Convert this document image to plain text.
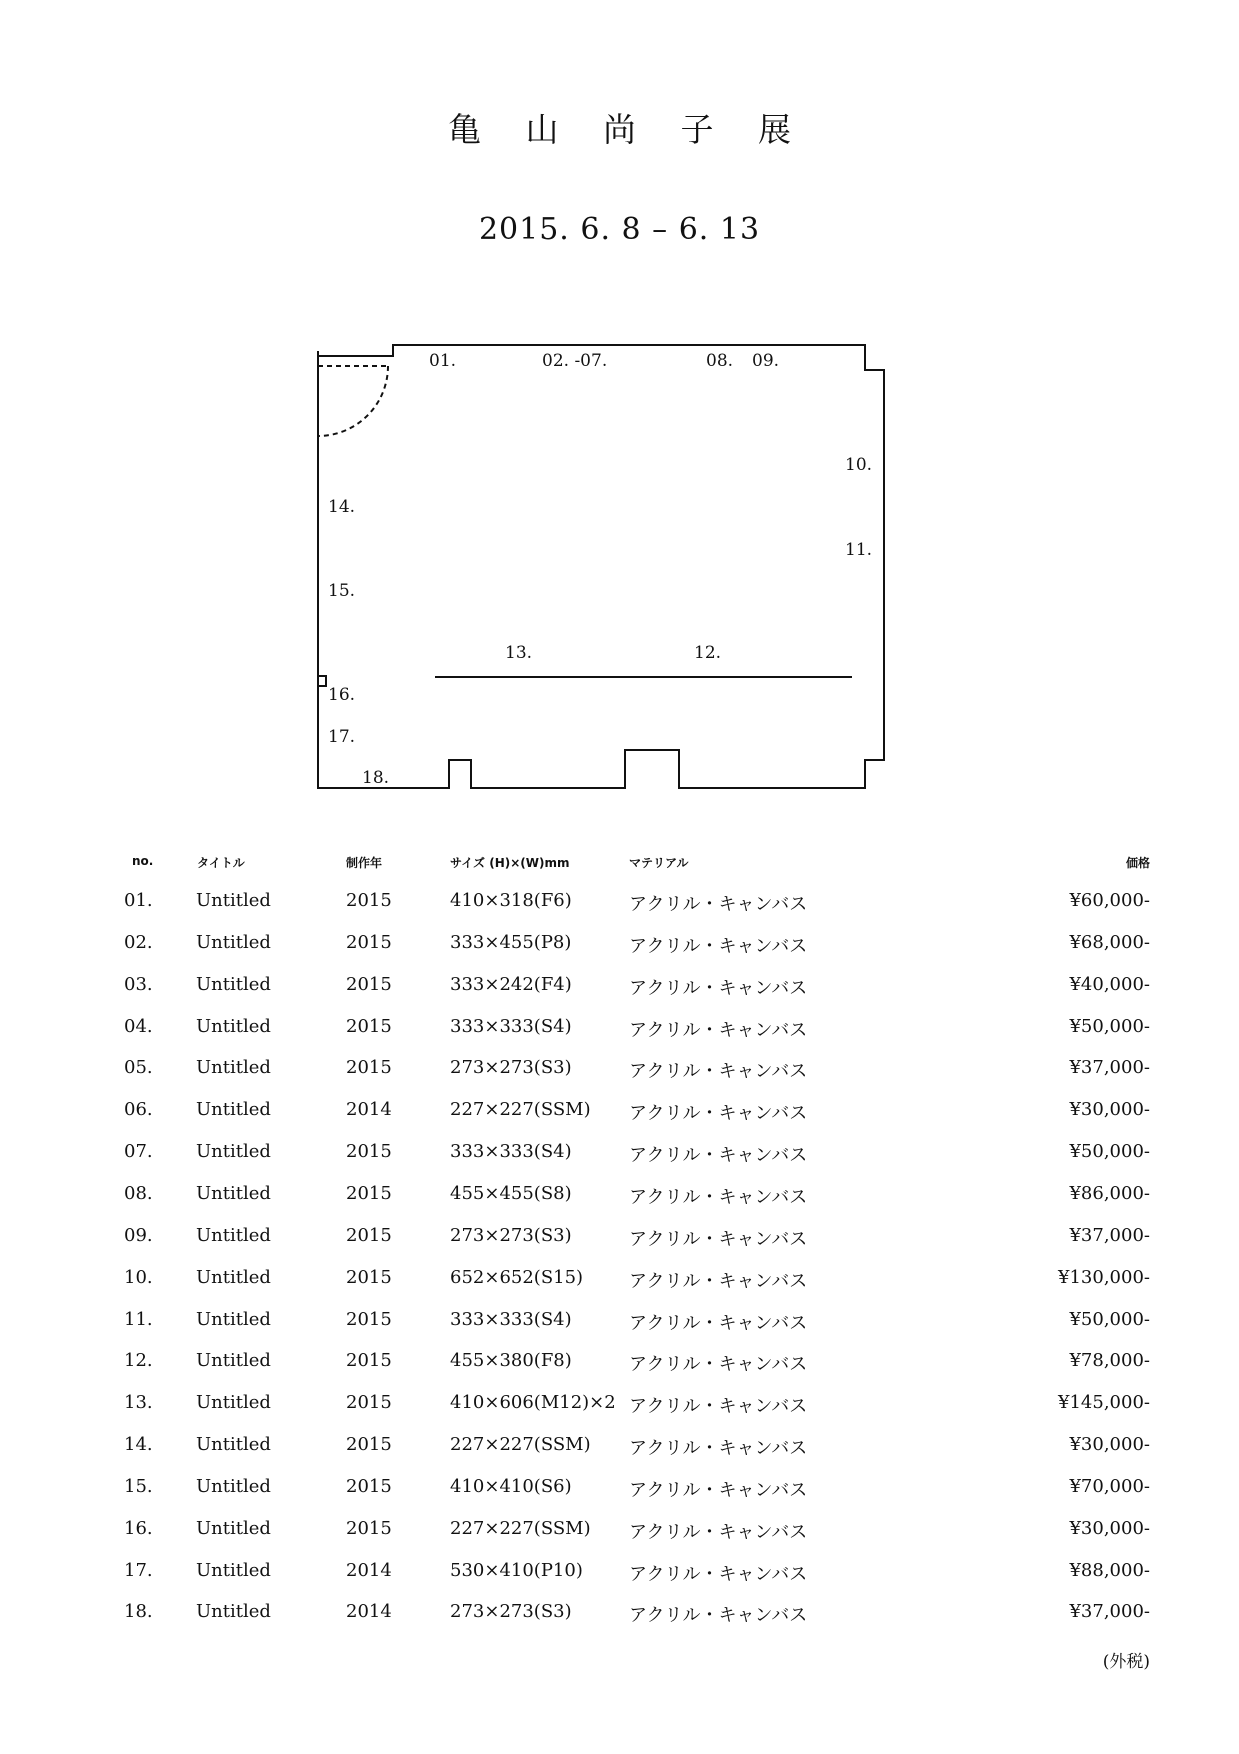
亀 山 尚 子 展
2015. 6. 8 – 6. 13
01.	02. -07.	08. 09.
10.
11.
12.
13.
14.
15.
16.
17.
18.
no.	タイトル	制作年	サイズ (H)×(W)mm	マテリアル	価格
01. Untitled	2015	410×318(F6)	アクリル・キャンバス	¥60,000-
02. Untitled	2015	333×455(P8)	アクリル・キャンバス	¥68,000-
03. Untitled	2015	333×242(F4)	アクリル・キャンバス	¥40,000-
04. Untitled	2015	333×333(S4)	アクリル・キャンバス	¥50,000-
05. Untitled	2015	273×273(S3)	アクリル・キャンバス	¥37,000-
06. Untitled	2014	227×227(SSM) アクリル・キャンバス	¥30,000-
07. Untitled	2015	333×333(S4)	アクリル・キャンバス	¥50,000-
08. Untitled	2015	455×455(S8)	アクリル・キャンバス	¥86,000-
09. Untitled	2015	273×273(S3)	アクリル・キャンバス	¥37,000-
10. Untitled	2015	652×652(S15)	アクリル・キャンバス	¥130,000-
11. Untitled	2015	333×333(S4)	アクリル・キャンバス	¥50,000-
12. Untitled	2015	455×380(F8)	アクリル・キャンバス	¥78,000-
13. Untitled	2015	410×606(M12)×2 アクリル・キャンバス	¥145,000-
14. Untitled	2015	227×227(SSM) アクリル・キャンバス	¥30,000-
15. Untitled	2015	410×410(S6)	アクリル・キャンバス	¥70,000-
16. Untitled	2015	227×227(SSM) アクリル・キャンバス	¥30,000-
17. Untitled	2014	530×410(P10)	アクリル・キャンバス	¥88,000-
18. Untitled	2014	273×273(S3)	アクリル・キャンバス	¥37,000-
(外税)
